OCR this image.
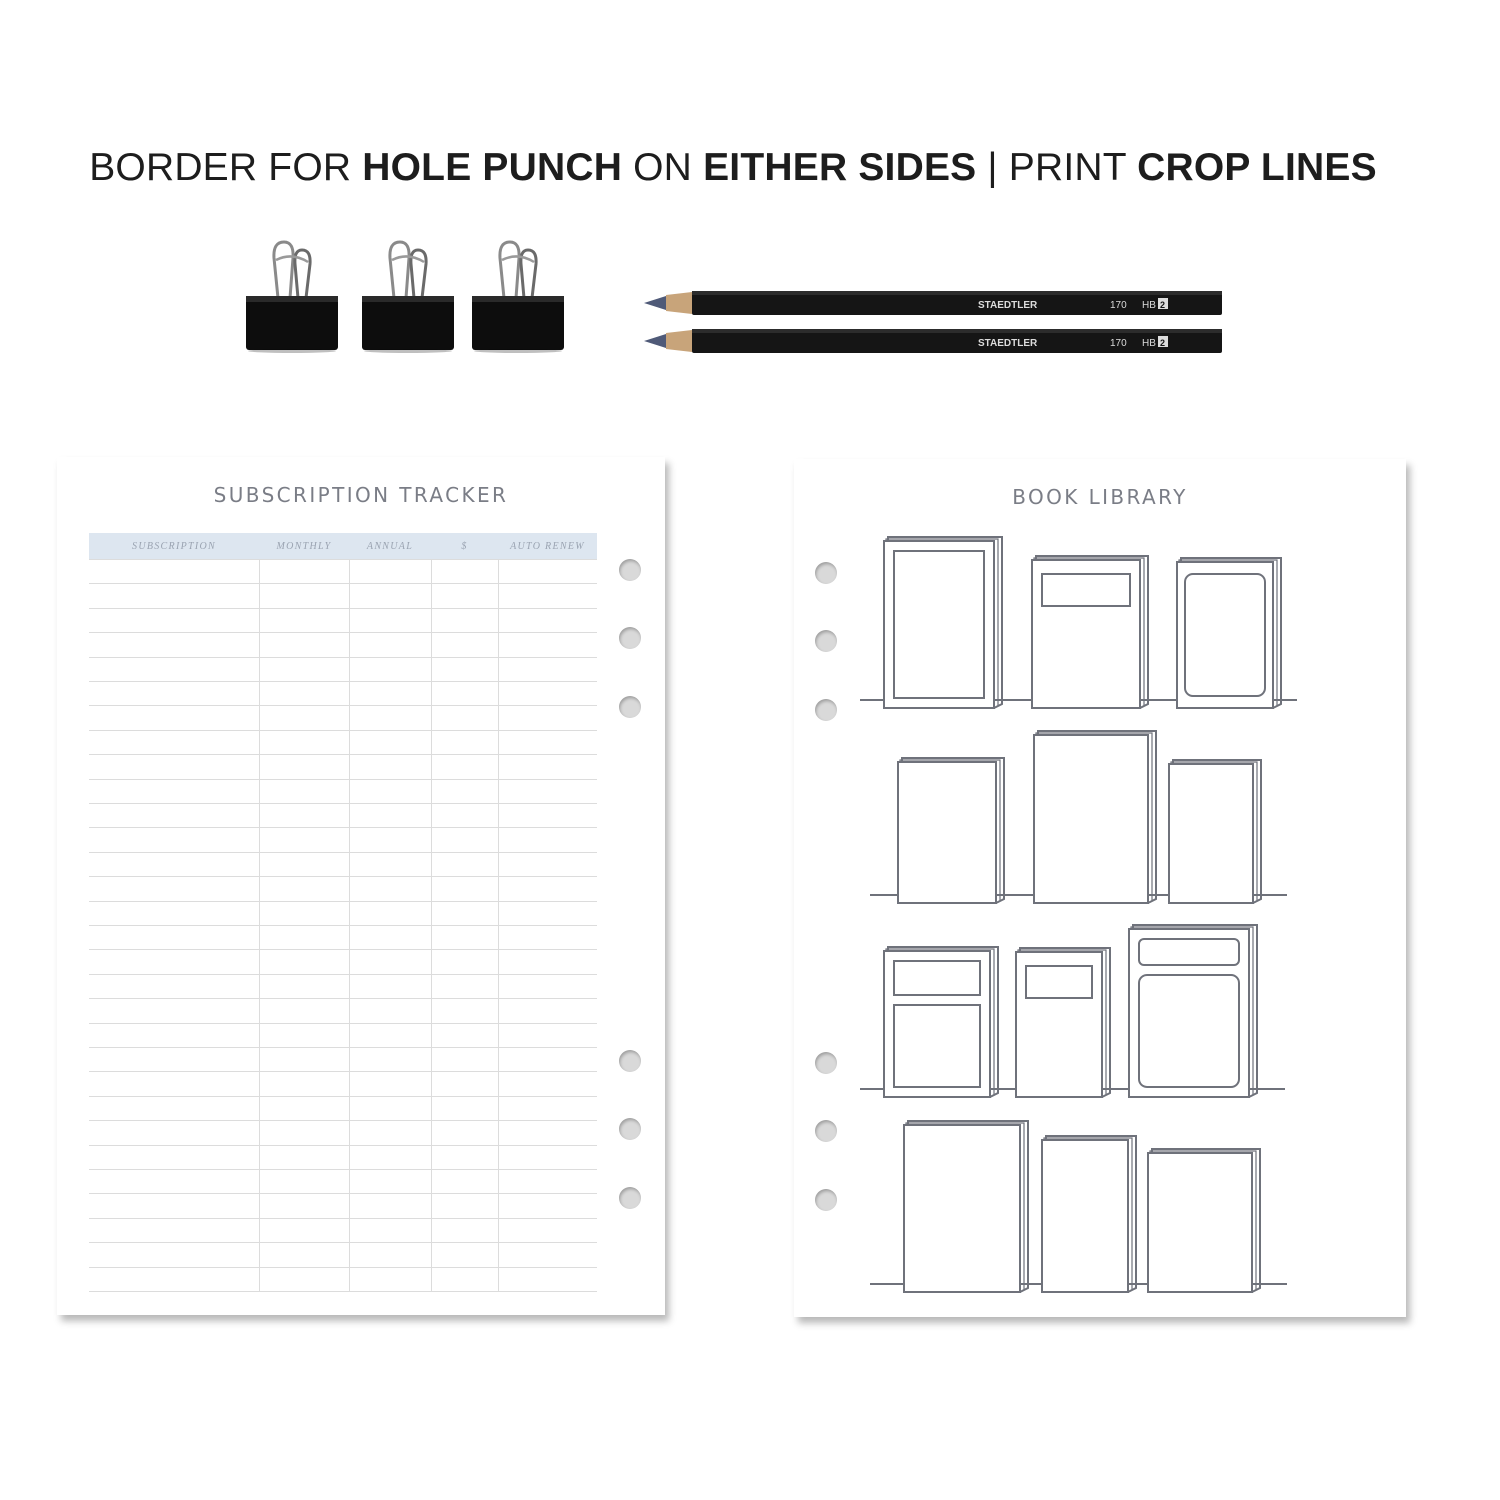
BORDER FOR HOLE PUNCH ON EITHER SIDES | PRINT CROP LINES
STAEDTLER	170 HB 2
STAEDTLER	170 HB 2
SUBSCRIPTION TRACKER
SUBSCRIPTION	MONTHLY	ANNUAL	$	AUTO RENEW
BOOK LIBRARY
